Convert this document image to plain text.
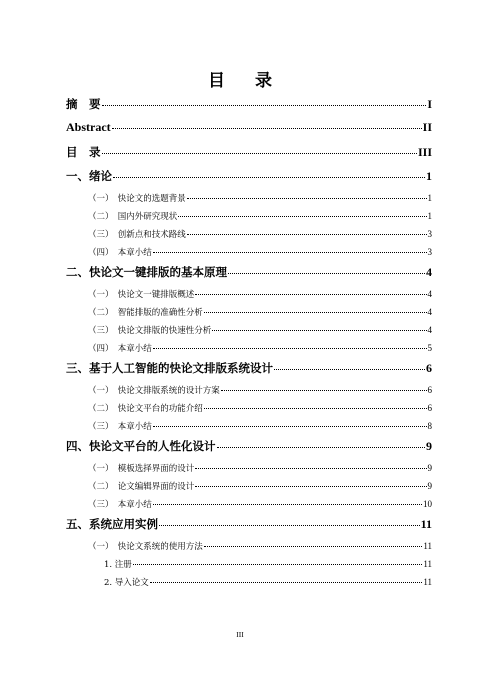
目 录
摘　要	I
Abstract	II
目　录	III
一、绪论	1
（一）　快论文的选题背景	1
（二）　国内外研究现状	1
（三）　创新点和技术路线	3
（四）　本章小结	3
二、快论文一键排版的基本原理	4
（一）　快论文一键排版概述	4
（二）　智能排版的准确性分析	4
（三）　快论文排版的快速性分析	4
（四）　本章小结	5
三、基于人工智能的快论文排版系统设计	6
（一）　快论文排版系统的设计方案	6
（二）　快论文平台的功能介绍	6
（三）　本章小结	8
四、快论文平台的人性化设计	9
（一）　模板选择界面的设计	9
（二）　论文编辑界面的设计	9
（三）　本章小结	10
五、系统应用实例	11
（一）　快论文系统的使用方法	11
1. 注册	11
2. 导入论文	11
III
